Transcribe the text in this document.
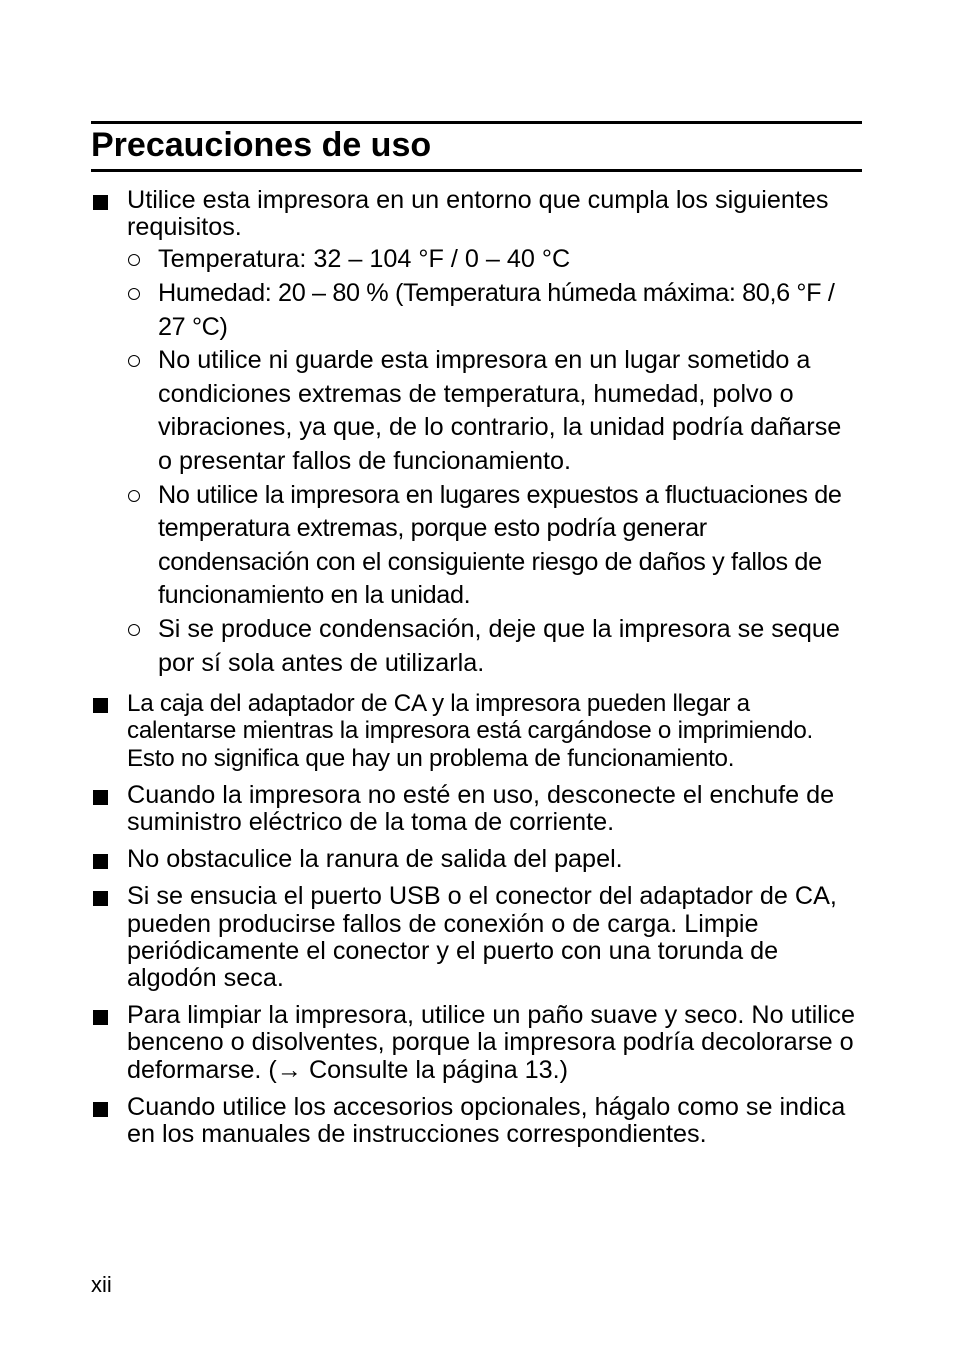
Precauciones de uso
Utilice esta impresora en un entorno que cumpla los siguientes requisitos.
Temperatura: 32 – 104 °F / 0 – 40 °C
Humedad: 20 – 80 % (Temperatura húmeda máxima: 80,6 °F / 27 °C)
No utilice ni guarde esta impresora en un lugar sometido a condiciones extremas de temperatura, humedad, polvo o vibraciones, ya que, de lo contrario, la unidad podría dañarse o presentar fallos de funcionamiento.
No utilice la impresora en lugares expuestos a fluctuaciones de temperatura extremas, porque esto podría generar condensación con el consiguiente riesgo de daños y fallos de funcionamiento en la unidad.
Si se produce condensación, deje que la impresora se seque por sí sola antes de utilizarla.
La caja del adaptador de CA y la impresora pueden llegar a calentarse mientras la impresora está cargándose o imprimiendo. Esto no significa que hay un problema de funcionamiento.
Cuando la impresora no esté en uso, desconecte el enchufe de suministro eléctrico de la toma de corriente.
No obstaculice la ranura de salida del papel.
Si se ensucia el puerto USB o el conector del adaptador de CA, pueden producirse fallos de conexión o de carga. Limpie periódicamente el conector y el puerto con una torunda de algodón seca.
Para limpiar la impresora, utilice un paño suave y seco. No utilice benceno o disolventes, porque la impresora podría decolorarse o deformarse. (→ Consulte la página 13.)
Cuando utilice los accesorios opcionales, hágalo como se indica en los manuales de instrucciones correspondientes.
xii
